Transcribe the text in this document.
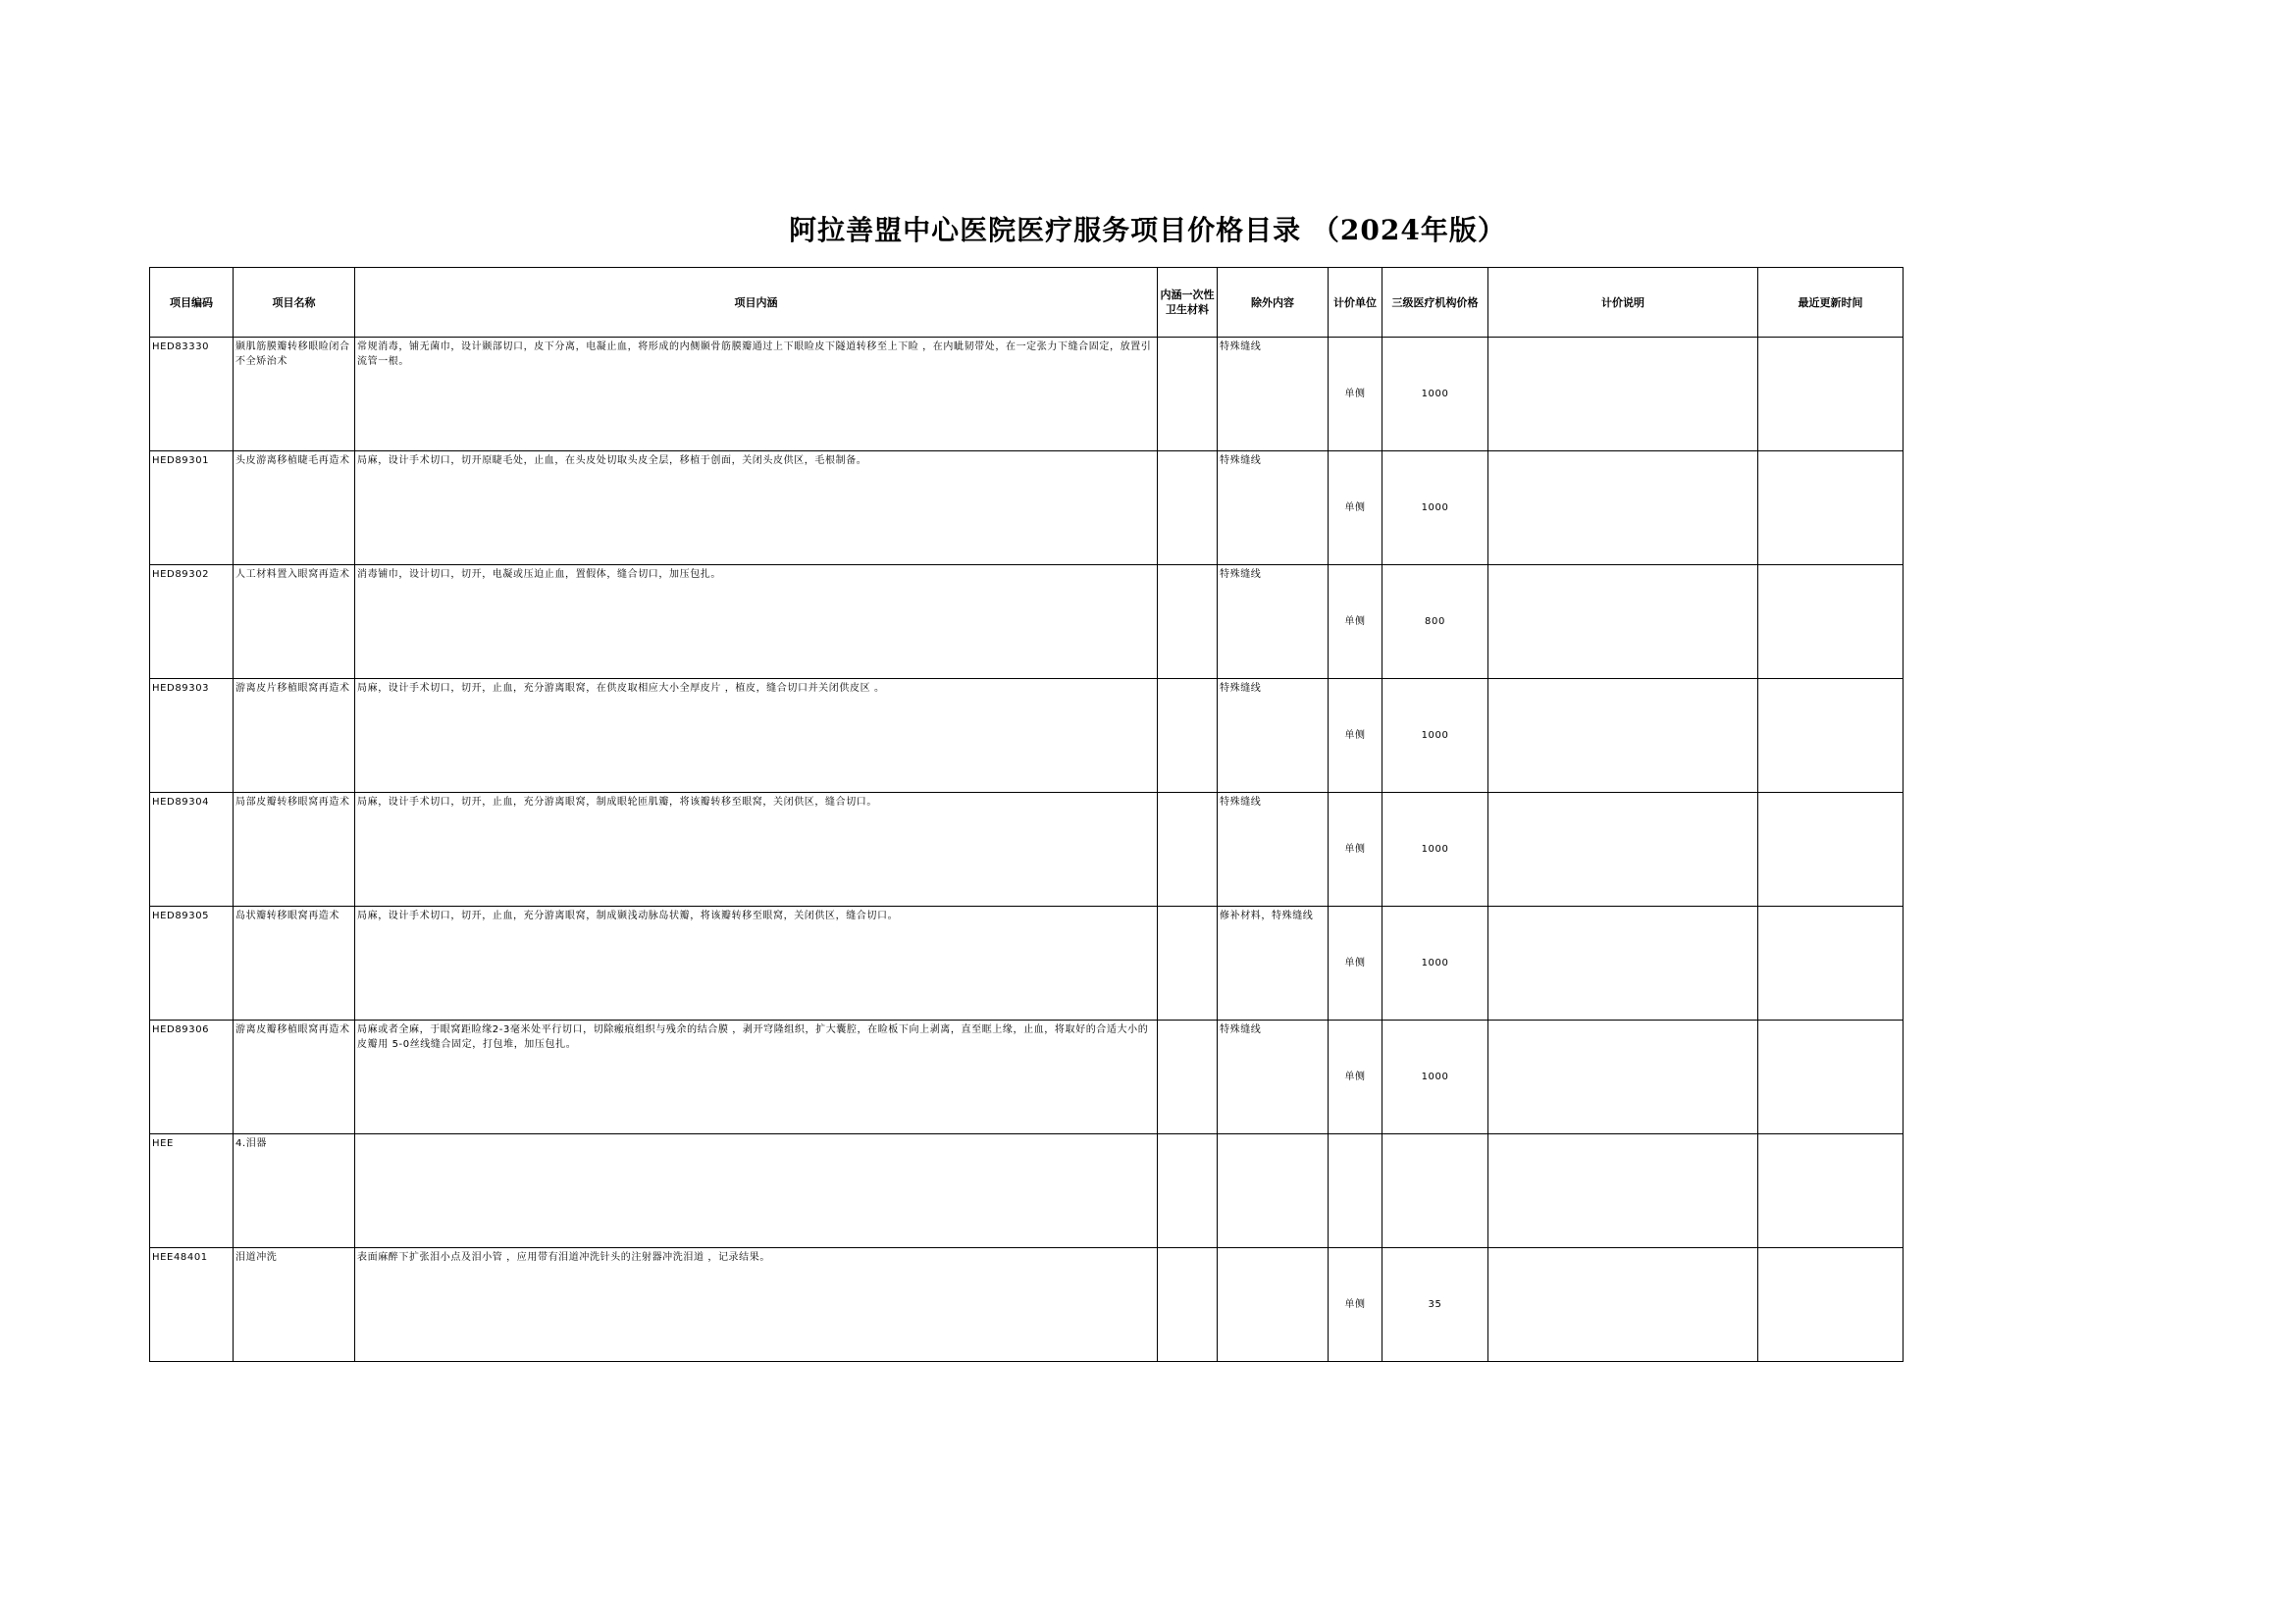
阿拉善盟中心医院医疗服务项目价格目录 （2024年版）
项目编码	项目名称	项目内涵	内涵一次性卫生材料	除外内容	计价单位	三级医疗机构价格	计价说明	最近更新时间

HED83330	颞肌筋膜瓣转移眼睑闭合不全矫治术	常规消毒，铺无菌巾，设计颞部切口，皮下分离，电凝止血，将形成的内侧颞骨筋膜瓣通过上下眼睑皮下隧道转移至上下睑 ，在内眦韧带处，在一定张力下缝合固定，放置引流管一根。		特殊缝线	单侧	1000		

HED89301	头皮游离移植睫毛再造术	局麻，设计手术切口，切开原睫毛处，止血，在头皮处切取头皮全层，移植于创面，关闭头皮供区，毛根制备。		特殊缝线	单侧	1000		

HED89302	人工材料置入眼窝再造术	消毒铺巾，设计切口，切开，电凝或压迫止血，置假体，缝合切口，加压包扎。		特殊缝线	单侧	800		

HED89303	游离皮片移植眼窝再造术	局麻，设计手术切口，切开，止血，充分游离眼窝，在供皮取相应大小全厚皮片 ，植皮，缝合切口并关闭供皮区 。		特殊缝线	单侧	1000		

HED89304	局部皮瓣转移眼窝再造术	局麻，设计手术切口，切开，止血，充分游离眼窝，制成眼轮匝肌瓣，将该瓣转移至眼窝，关闭供区，缝合切口。		特殊缝线	单侧	1000		

HED89305	岛状瓣转移眼窝再造术	局麻，设计手术切口，切开，止血，充分游离眼窝，制成颞浅动脉岛状瓣，将该瓣转移至眼窝，关闭供区，缝合切口。		修补材料，特殊缝线	单侧	1000		

HED89306	游离皮瓣移植眼窝再造术	局麻或者全麻，于眼窝距睑缘2-3毫米处平行切口，切除瘢痕组织与残余的结合膜 ，剥开穹隆组织，扩大囊腔，在睑板下向上剥离，直至眶上缘，止血，将取好的合适大小的皮瓣用 5-0丝线缝合固定，打包堆，加压包扎。		特殊缝线	单侧	1000		

HEE	4.泪器							

HEE48401	泪道冲洗	表面麻醉下扩张泪小点及泪小管 ，应用带有泪道冲洗针头的注射器冲洗泪道 ，记录结果。			单侧	35		
